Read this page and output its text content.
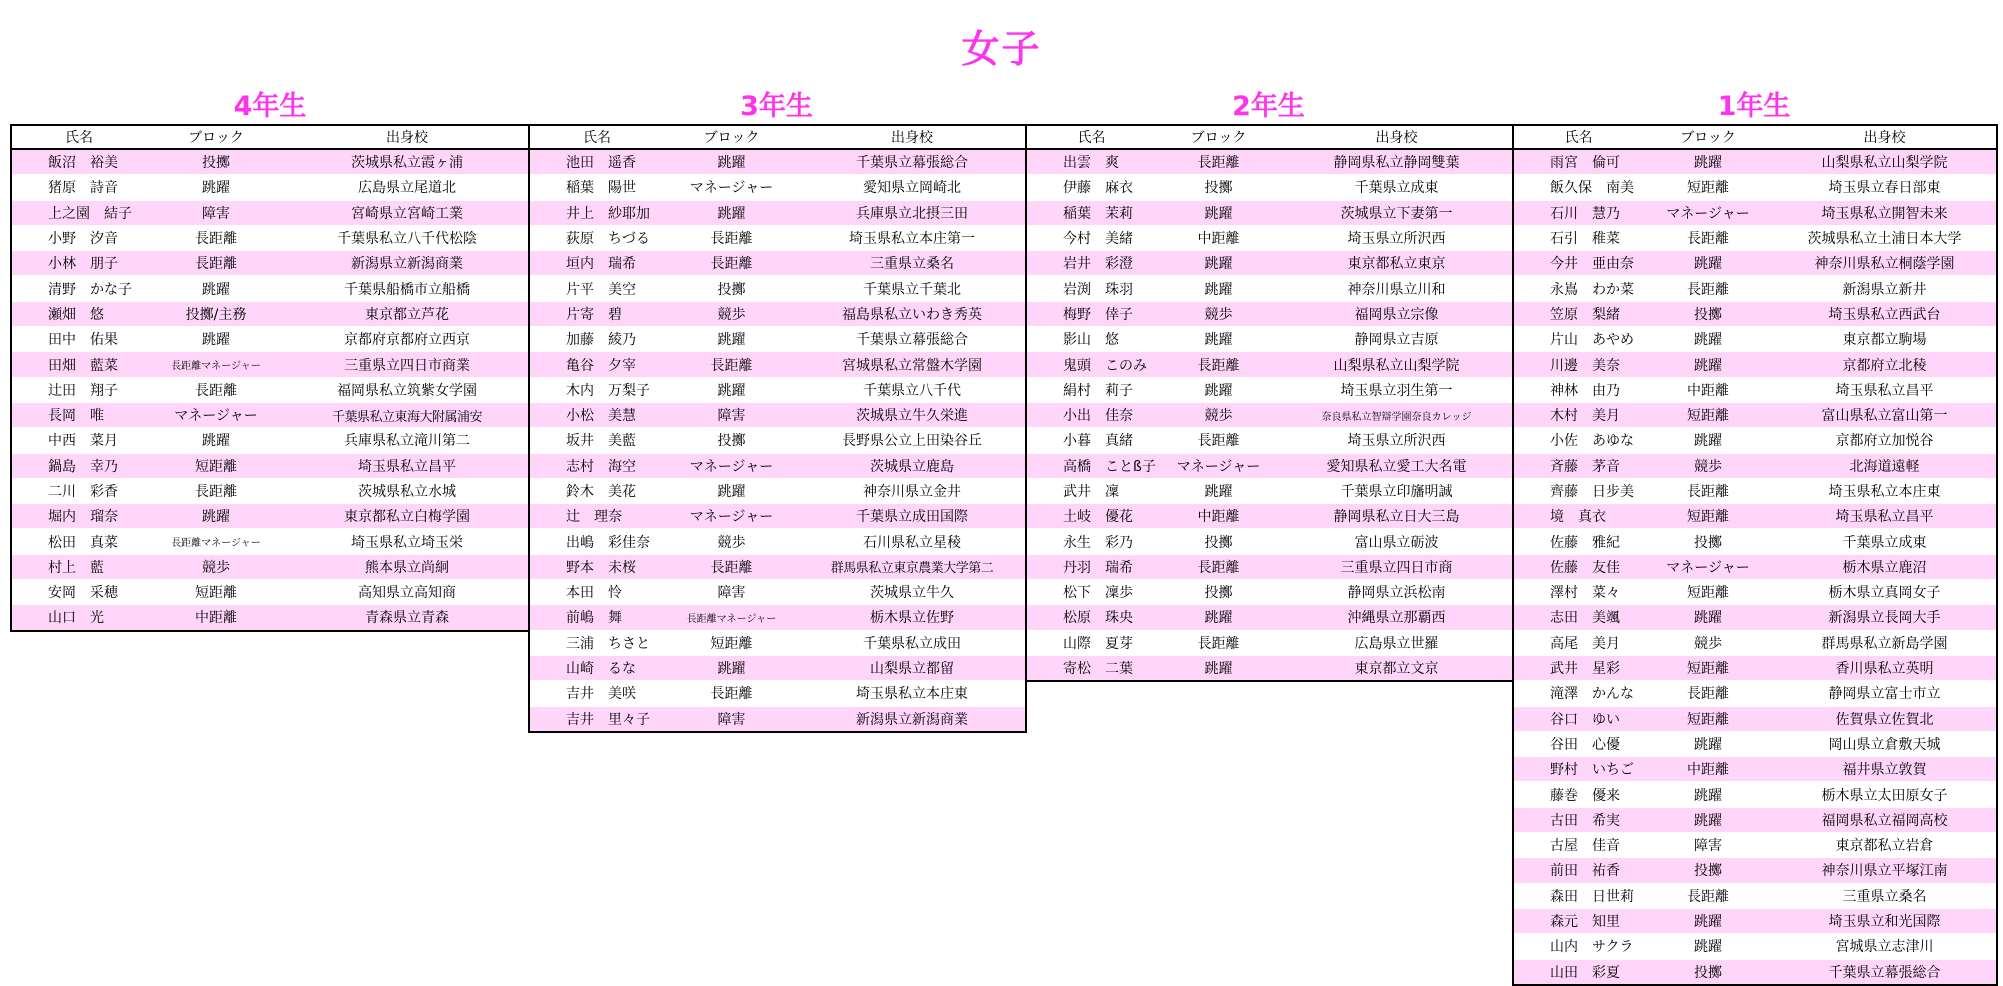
女子
4年生	3年生	2年生	1年生
氏名	ブロック	出身校
飯沼　裕美	投擲	茨城県私立霞ヶ浦
猪原　詩音	跳躍	広島県立尾道北
上之園　結子	障害	宮崎県立宮崎工業
小野　汐音	長距離	千葉県私立八千代松陰
小林　朋子	長距離	新潟県立新潟商業
清野　かな子	跳躍	千葉県船橋市立船橋
瀬畑　悠	投擲/主務	東京都立芦花
田中　佑果	跳躍	京都府京都府立西京
田畑　藍菜	長距離マネージャー	三重県立四日市商業
辻田　翔子	長距離	福岡県私立筑紫女学園
長岡　唯	マネージャー	千葉県私立東海大附属浦安
中西　菜月	跳躍	兵庫県私立滝川第二
鍋島　幸乃	短距離	埼玉県私立昌平
二川　彩香	長距離	茨城県私立水城
堀内　瑠奈	跳躍	東京都私立白梅学園
松田　真菜	長距離マネージャー	埼玉県私立埼玉栄
村上　藍	競歩	熊本県立尚絅
安岡　采穂	短距離	高知県立高知商
山口　光	中距離	青森県立青森
氏名	ブロック	出身校
池田　遥香	跳躍	千葉県立幕張総合
稲葉　陽世	マネージャー	愛知県立岡崎北
井上　紗耶加	跳躍	兵庫県立北摂三田
荻原　ちづる	長距離	埼玉県私立本庄第一
垣内　瑞希	長距離	三重県立桑名
片平　美空	投擲	千葉県立千葉北
片寄　碧	競歩	福島県私立いわき秀英
加藤　綾乃	跳躍	千葉県立幕張総合
亀谷　夕宰	長距離	宮城県私立常盤木学園
木内　万梨子	跳躍	千葉県立八千代
小松　美慧	障害	茨城県立牛久栄進
坂井　美藍	投擲	長野県公立上田染谷丘
志村　海空	マネージャー	茨城県立鹿島
鈴木　美花	跳躍	神奈川県立金井
辻　理奈	マネージャー	千葉県立成田国際
出嶋　彩佳奈	競歩	石川県私立星稜
野本　未桜	長距離	群馬県私立東京農業大学第二
本田　怜	障害	茨城県立牛久
前嶋　舞	長距離マネージャー	栃木県立佐野
三浦　ちさと	短距離	千葉県私立成田
山崎　るな	跳躍	山梨県立都留
吉井　美咲	長距離	埼玉県私立本庄東
吉井　里々子	障害	新潟県立新潟商業
氏名	ブロック	出身校
出雲　爽	長距離	静岡県私立静岡雙葉
伊藤　麻衣	投擲	千葉県立成東
稲葉　茉莉	跳躍	茨城県立下妻第一
今村　美緒	中距離	埼玉県立所沢西
岩井　彩澄	跳躍	東京都私立東京
岩渕　珠羽	跳躍	神奈川県立川和
梅野　倖子	競歩	福岡県立宗像
影山　悠	跳躍	静岡県立吉原
鬼頭　このみ	長距離	山梨県私立山梨学院
絹村　莉子	跳躍	埼玉県立羽生第一
小出　佳奈	競歩	奈良県私立智辯学園奈良カレッジ
小暮　真緒	長距離	埼玉県立所沢西
高橋　ことß子	マネージャー	愛知県私立愛工大名電
武井　凜	跳躍	千葉県立印旛明誠
土岐　優花	中距離	静岡県私立日大三島
永生　彩乃	投擲	富山県立砺波
丹羽　瑞希	長距離	三重県立四日市商
松下　凜歩	投擲	静岡県立浜松南
松原　珠央	跳躍	沖縄県立那覇西
山際　夏芽	長距離	広島県立世羅
寄松　二葉	跳躍	東京都立文京
氏名	ブロック	出身校
雨宮　倫可	跳躍	山梨県私立山梨学院
飯久保　南美	短距離	埼玉県立春日部東
石川　慧乃	マネージャー	埼玉県私立開智未来
石引　稚菜	長距離	茨城県私立土浦日本大学
今井　亜由奈	跳躍	神奈川県私立桐蔭学園
永嶌　わか菜	長距離	新潟県立新井
笠原　梨緒	投擲	埼玉県私立西武台
片山　あやめ	跳躍	東京都立駒場
川邊　美奈	跳躍	京都府立北稜
神林　由乃	中距離	埼玉県私立昌平
木村　美月	短距離	富山県私立富山第一
小佐　あゆな	跳躍	京都府立加悦谷
斉藤　茅音	競歩	北海道遠軽
齊藤　日步美	長距離	埼玉県私立本庄東
境　真衣	短距離	埼玉県私立昌平
佐藤　雅紀	投擲	千葉県立成東
佐藤　友佳	マネージャー	栃木県立鹿沼
澤村　菜々	短距離	栃木県立真岡女子
志田　美颯	跳躍	新潟県立長岡大手
高尾　美月	競歩	群馬県私立新島学園
武井　星彩	短距離	香川県私立英明
滝澤　かんな	長距離	静岡県立富士市立
谷口　ゆい	短距離	佐賀県立佐賀北
谷田　心優	跳躍	岡山県立倉敷天城
野村　いちご	中距離	福井県立敦賀
藤巻　優来	跳躍	栃木県立太田原女子
古田　希実	跳躍	福岡県私立福岡高校
古屋　佳音	障害	東京都私立岩倉
前田　祐香	投擲	神奈川県立平塚江南
森田　日世莉	長距離	三重県立桑名
森元　知里	跳躍	埼玉県立和光国際
山内　サクラ	跳躍	宮城県立志津川
山田　彩夏	投擲	千葉県立幕張総合
